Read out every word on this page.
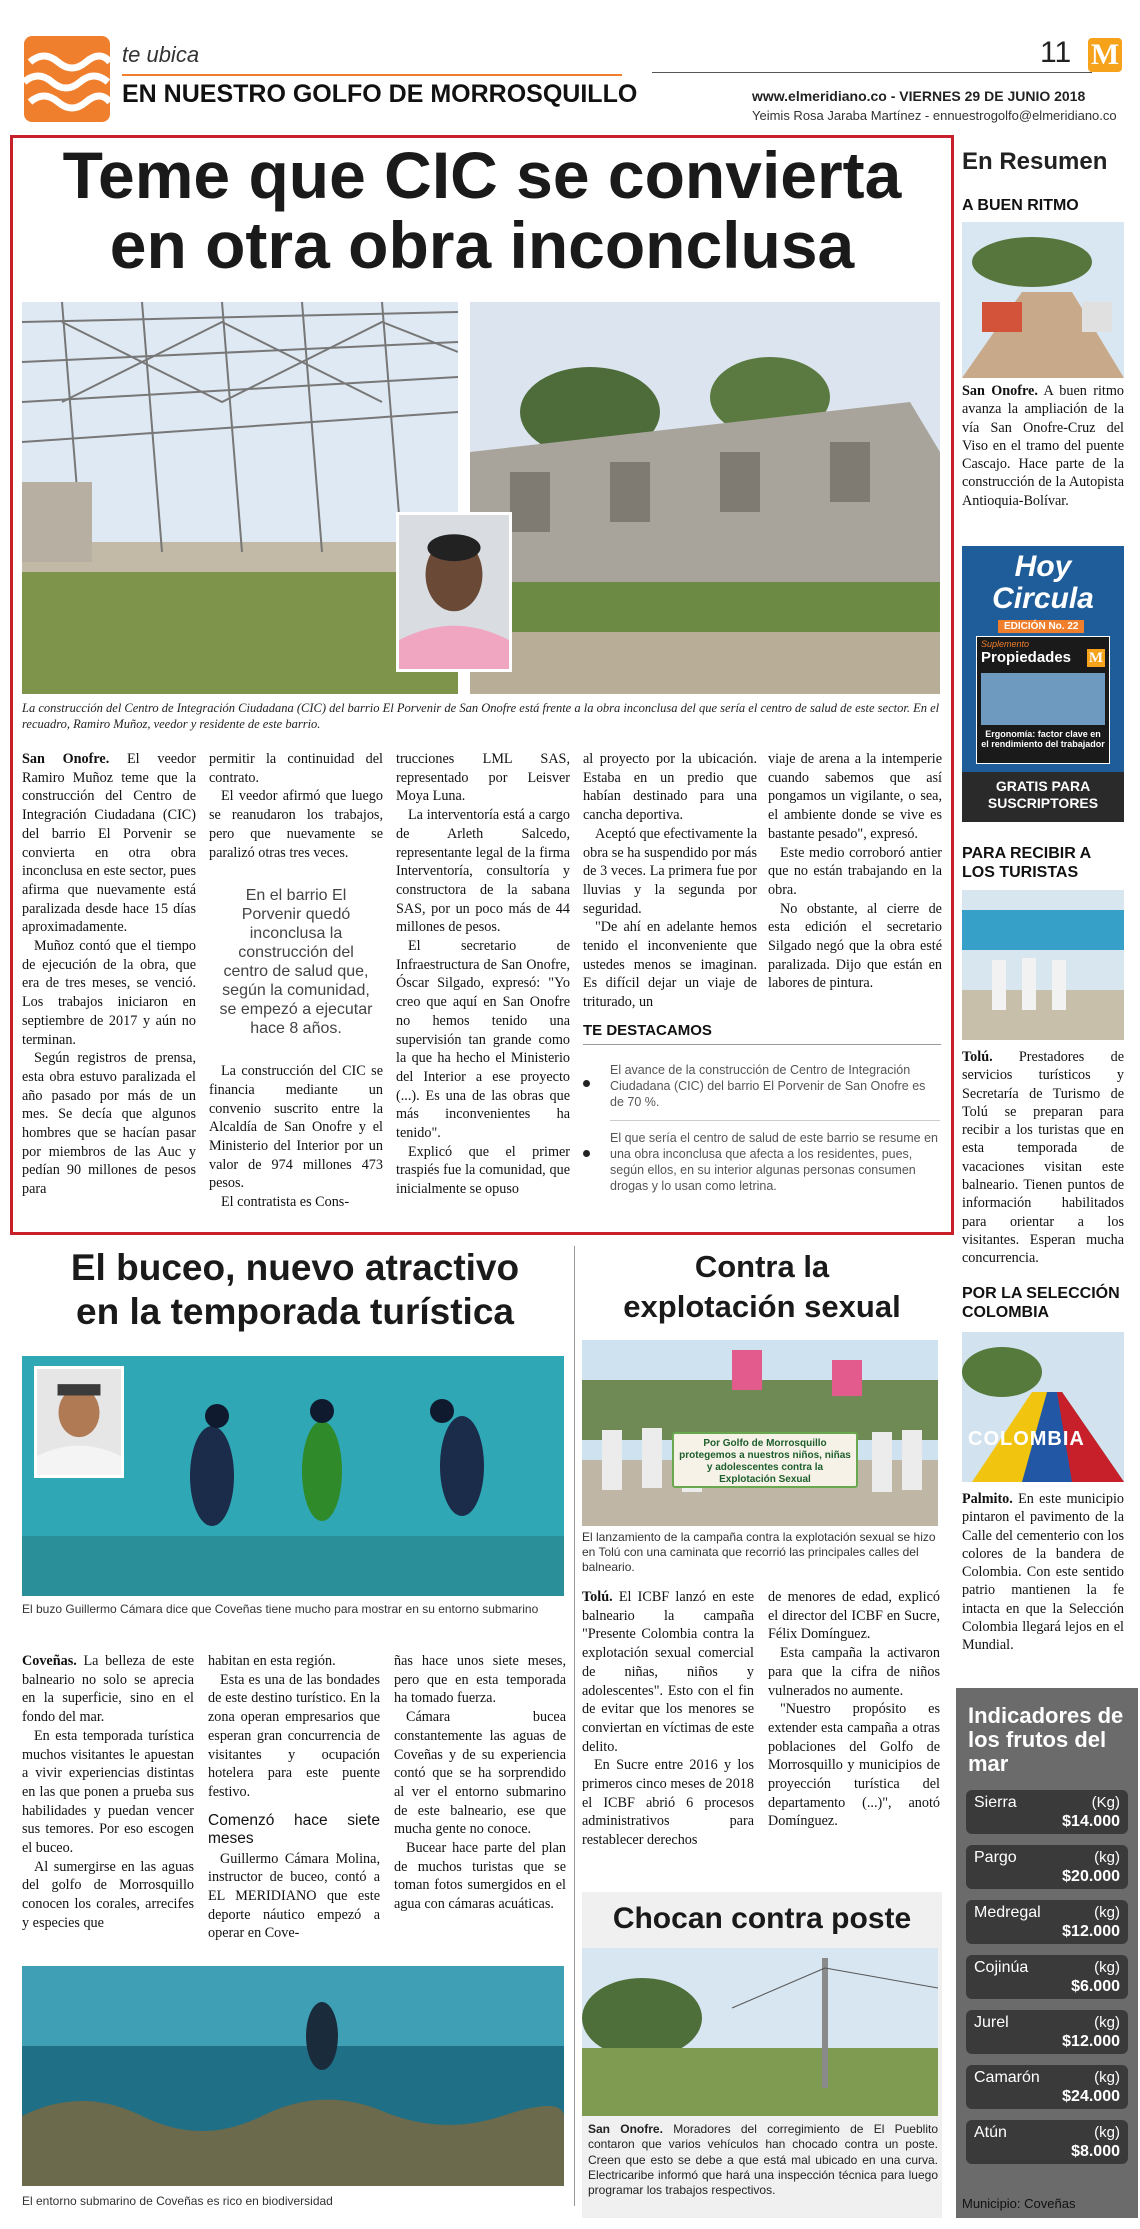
te ubica
EN NUESTRO GOLFO DE MORROSQUILLO
11 M
www.elmeridiano.co - VIERNES 29 DE JUNIO 2018
Yeimis Rosa Jaraba Martínez - ennuestrogolfo@elmeridiano.co
Teme que CIC se convierta
en otra obra inconclusa
La construcción del Centro de Integración Ciudadana (CIC) del barrio El Porvenir de San Onofre está frente a la obra inconclusa del que sería el centro de salud de este sector. En el recuadro, Ramiro Muñoz, veedor y residente de este barrio.

San Onofre. El veedor Ramiro Muñoz teme que la construcción del Centro de Integración Ciudadana (CIC) del barrio El Porvenir se convierta en otra obra inconclusa en este sector, pues afirma que nuevamente está paralizada desde hace 15 días aproximadamente.

Muñoz contó que el tiempo de ejecución de la obra, que era de tres meses, se venció. Los trabajos iniciaron en septiembre de 2017 y aún no terminan.

Según registros de prensa, esta obra estuvo paralizada el año pasado por más de un mes. Se decía que algunos hombres que se hacían pasar por miembros de las Auc y pedían 90 millones de pesos para

permitir la continuidad del contrato.

El veedor afirmó que luego se reanudaron los trabajos, pero que nuevamente se paralizó otras tres veces.

En el barrio El Porvenir quedó inconclusa la construcción del centro de salud que, según la comunidad, se empezó a ejecutar hace 8 años.

La construcción del CIC se financia mediante un convenio suscrito entre la Alcaldía de San Onofre y el Ministerio del Interior por un valor de 974 millones 473 pesos.

El contratista es Cons-

trucciones LML SAS, representado por Leisver Moya Luna.

La interventoría está a cargo de Arleth Salcedo, representante legal de la firma Interventoría, consultoría y constructora de la sabana SAS, por un poco más de 44 millones de pesos.

El secretario de Infraestructura de San Onofre, Óscar Silgado, expresó: "Yo creo que aquí en San Onofre no hemos tenido una supervisión tan grande como la que ha hecho el Ministerio del Interior a ese proyecto (...). Es una de las obras que más inconvenientes ha tenido".

Explicó que el primer traspiés fue la comunidad, que inicialmente se opuso

al proyecto por la ubicación. Estaba en un predio que habían destinado para una cancha deportiva.

Aceptó que efectivamente la obra se ha suspendido por más de 3 veces. La primera fue por lluvias y la segunda por seguridad.

"De ahí en adelante hemos tenido el inconveniente que ustedes menos se imaginan. Es difícil dejar un viaje de triturado, un

viaje de arena a la intemperie cuando sabemos que así pongamos un vigilante, o sea, el ambiente donde se vive es bastante pesado", expresó.

Este medio corroboró antier que no están trabajando en la obra.

No obstante, al cierre de esta edición el secretario Silgado negó que la obra esté paralizada. Dijo que están en labores de pintura.

TE DESTACAMOS
El avance de la construcción de Centro de Integración Ciudadana (CIC) del barrio El Porvenir de San Onofre es de 70 %.
El que sería el centro de salud de este barrio se resume en una obra inconclusa que afecta a los residentes, pues, según ellos, en su interior algunas personas consumen drogas y lo usan como letrina.
El buceo, nuevo atractivo
en la temporada turística
El buzo Guillermo Cámara dice que Coveñas tiene mucho para mostrar en su entorno submarino

Coveñas. La belleza de este balneario no solo se aprecia en la superficie, sino en el fondo del mar.

En esta temporada turística muchos visitantes le apuestan a vivir experiencias distintas en las que ponen a prueba sus habilidades y puedan vencer sus temores. Por eso escogen el buceo.

Al sumergirse en las aguas del golfo de Morrosquillo conocen los corales, arrecifes y especies que

habitan en esta región.

Esta es una de las bondades de este destino turístico. En la zona operan empresarios que esperan gran concurrencia de visitantes y ocupación hotelera para este puente festivo.

Comenzó hace siete meses

Guillermo Cámara Molina, instructor de buceo, contó a EL MERIDIANO que este deporte náutico empezó a operar en Cove-

ñas hace unos siete meses, pero que en esta temporada ha tomado fuerza.

Cámara bucea constantemente las aguas de Coveñas y de su experiencia contó que se ha sorprendido al ver el entorno submarino de este balneario, ese que mucha gente no conoce.

Bucear hace parte del plan de muchos turistas que se toman fotos sumergidos en el agua con cámaras acuáticas.

El entorno submarino de Coveñas es rico en biodiversidad
Contra la
explotación sexual
Por Golfo de Morrosquillo protegemos a nuestros niños, niñas y adolescentes contra la Explotación Sexual
El lanzamiento de la campaña contra la explotación sexual se hizo en Tolú con una caminata que recorrió las principales calles del balneario.

Tolú. El ICBF lanzó en este balneario la campaña "Presente Colombia contra la explotación sexual comercial de niñas, niños y adolescentes". Esto con el fin de evitar que los menores se conviertan en víctimas de este delito.

En Sucre entre 2016 y los primeros cinco meses de 2018 el ICBF abrió 6 procesos administrativos para restablecer derechos

de menores de edad, explicó el director del ICBF en Sucre, Félix Domínguez.

Esta campaña la activaron para que la cifra de niños vulnerados no aumente.

"Nuestro propósito es extender esta campaña a otras poblaciones del Golfo de Morrosquillo y municipios de proyección turística del departamento (...)", anotó Domínguez.

Chocan contra poste
San Onofre. Moradores del corregimiento de El Pueblito contaron que varios vehículos han chocado contra un poste. Creen que esto se debe a que está mal ubicado en una curva. Electricaribe informó que hará una inspección técnica para luego programar los trabajos respectivos.
En Resumen
A BUEN RITMO
San Onofre. A buen ritmo avanza la ampliación de la vía San Onofre-Cruz del Viso en el tramo del puente Cascajo. Hace parte de la construcción de la Autopista Antioquia-Bolívar.
Hoy
Circula
EDICIÓN No. 22
Suplemento
Propiedades M
Ergonomía: factor clave en el rendimiento del trabajador
GRATIS PARA SUSCRIPTORES
PARA RECIBIR A LOS TURISTAS
Tolú. Prestadores de servicios turísticos y Secretaría de Turismo de Tolú se preparan para recibir a los turistas que en esta temporada de vacaciones visitan este balneario. Tienen puntos de información habilitados para orientar a los visitantes. Esperan mucha concurrencia.
POR LA SELECCIÓN COLOMBIA
COLOMBIA
Palmito. En este municipio pintaron el pavimento de la Calle del cementerio con los colores de la bandera de Colombia. Con este sentido patrio mantienen la fe intacta en que la Selección Colombia llegará lejos en el Mundial.
Indicadores de los frutos del mar
Sierra	(Kg)
$14.000
Pargo	(kg)
$20.000
Medregal	(kg)
$12.000
Cojinúa	(kg)
$6.000
Jurel	(kg)
$12.000
Camarón	(kg)
$24.000
Atún	(kg)
$8.000
Municipio: Coveñas
